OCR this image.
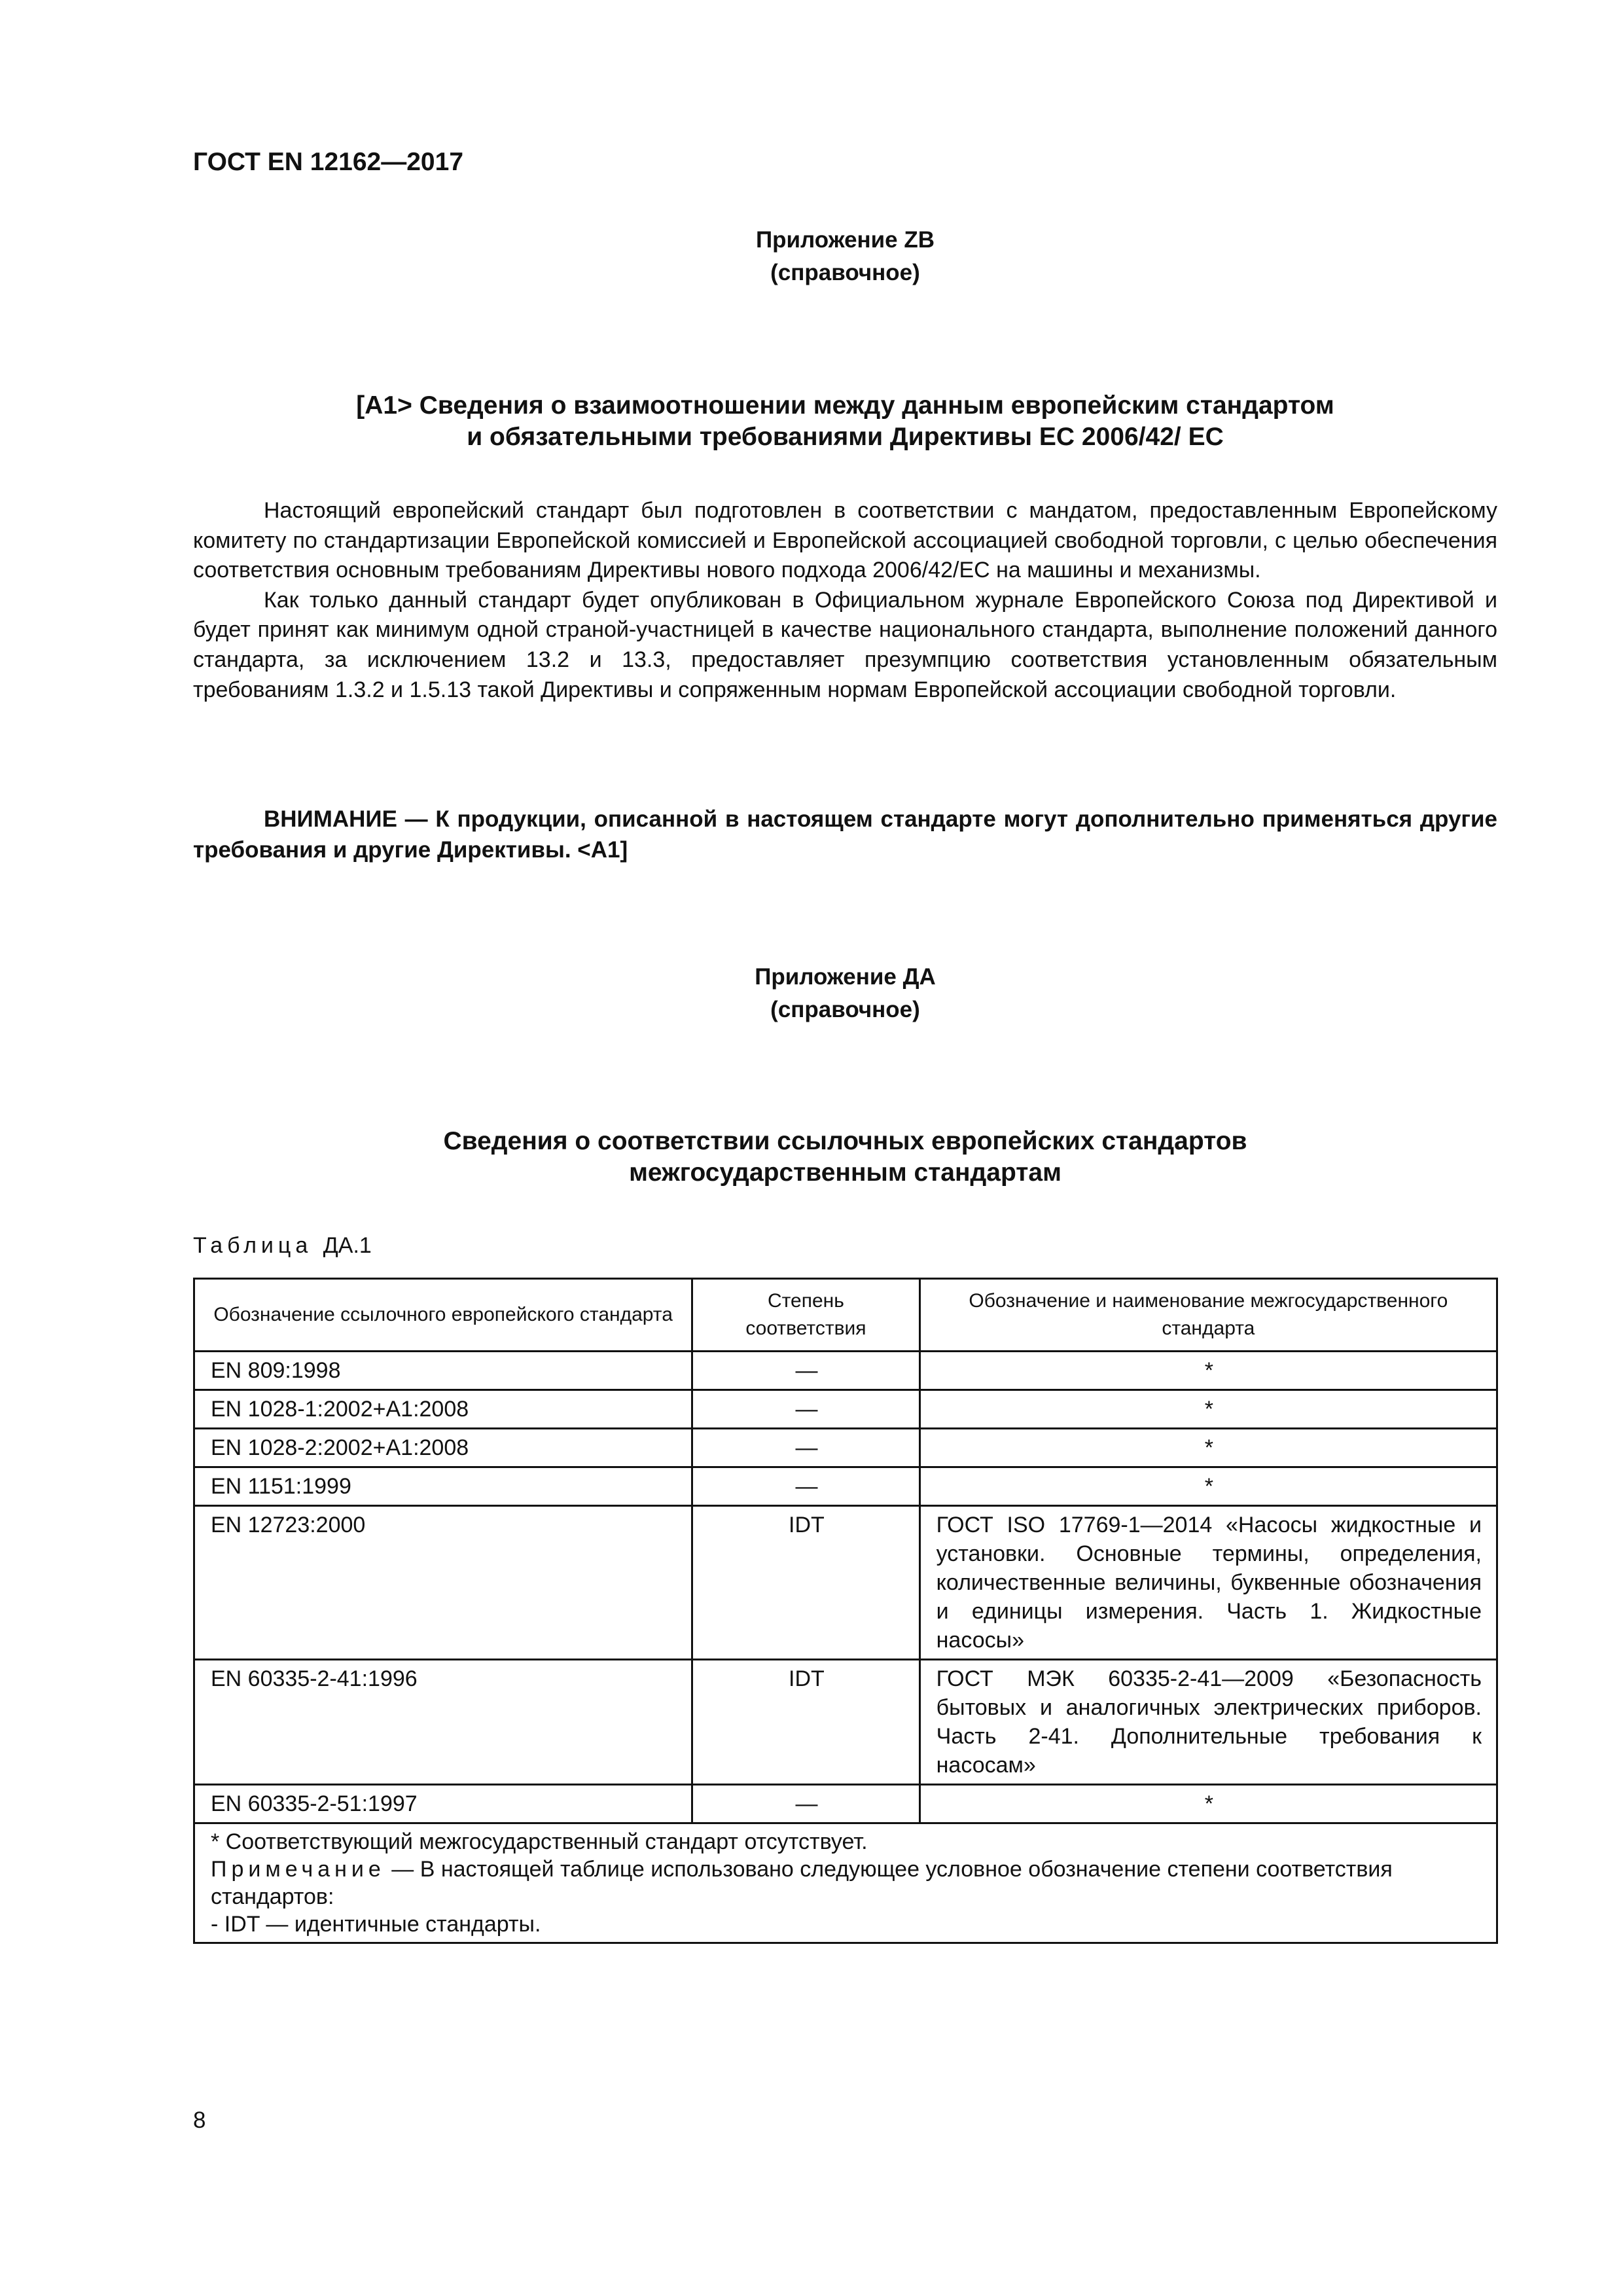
ГОСТ EN 12162—2017
Приложение ZB
(справочное)
[A1> Сведения о взаимоотношении между данным европейским стандартом
и обязательными требованиями Директивы ЕС 2006/42/ ЕС

Настоящий европейский стандарт был подготовлен в соответствии с мандатом, предоставленным Европейскому комитету по стандартизации Европейской комиссией и Европейской ассоциацией свободной торговли, с целью обеспечения соответствия основным требованиям Директивы нового подхода 2006/42/ЕС на машины и механизмы.

Как только данный стандарт будет опубликован в Официальном журнале Европейского Союза под Директивой и будет принят как минимум одной страной-участницей в качестве национального стандарта, выполнение положений данного стандарта, за исключением 13.2 и 13.3, предоставляет презумпцию соответствия установленным обязательным требованиям 1.3.2 и 1.5.13 такой Директивы и сопряженным нормам Европейской ассоциации свободной торговли.

ВНИМАНИЕ — К продукции, описанной в настоящем стандарте могут дополнительно применяться другие требования и другие Директивы. <A1]

Приложение ДА
(справочное)
Сведения о соответствии ссылочных европейских стандартов
межгосударственным стандартам
Таблица ДА.1
Обозначение ссылочного европейского стандарта	Степень соответствия	Обозначение и наименование межгосударственного стандарта
EN 809:1998	—	*
EN 1028-1:2002+A1:2008	—	*
EN 1028-2:2002+A1:2008	—	*
EN 1151:1999	—	*
EN 12723:2000	IDT	ГОСТ ISO 17769-1—2014 «Насосы жидкостные и установки. Основные термины, определения, количественные величины, буквенные обозначения и единицы измерения. Часть 1. Жидкостные насосы»
EN 60335-2-41:1996	IDT	ГОСТ МЭК 60335-2-41—2009 «Безопасность бытовых и аналогичных электрических приборов. Часть 2-41. Дополнительные требования к насосам»
EN 60335-2-51:1997	—	*

* Соответствующий межгосударственный стандарт отсутствует.
Примечание — В настоящей таблице использовано следующее условное обозначение степени соответствия стандартов:
- IDT — идентичные стандарты.		
8
